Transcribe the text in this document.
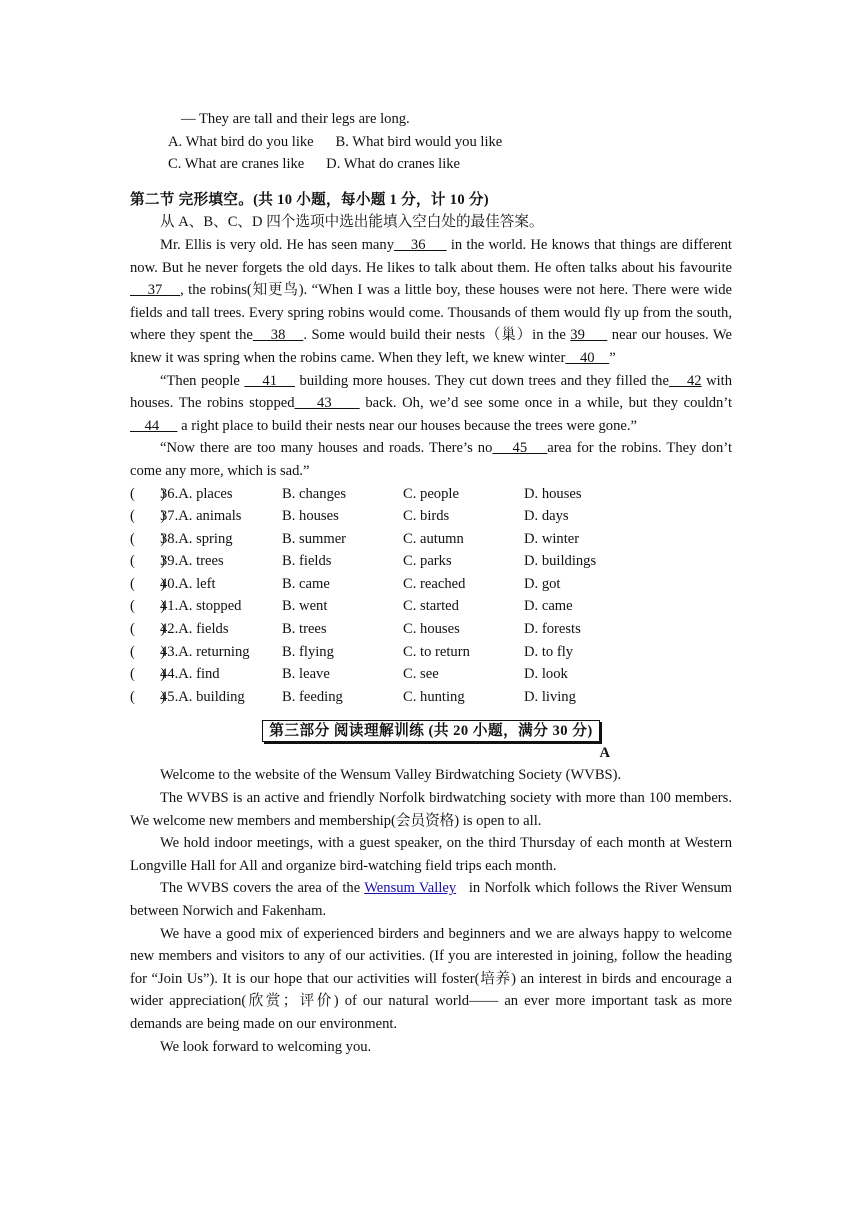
— They are tall and their legs are long.
A. What bird do you like      B. What bird would you like
C. What are cranes like      D. What do cranes like
第二节 完形填空。(共 10 小题，每小题 1 分，计 10 分)
从 A、B、C、D 四个选项中选出能填入空白处的最佳答案。

Mr. Ellis is very old. He has seen many    36      in the world. He knows that things are different now. But he never forgets the old days. He likes to talk about them. He often talks about his favourite    37    , the robins(知更鸟). “When I was a little boy, these houses were not here. There were wide fields and tall trees. Every spring robins would come. Thousands of them would fly up from the south, where they spent the    38    . Some would build their nests（巢）in the 39      near our houses. We knew it was spring when the robins came. When they left, we knew winter    40    ”

“Then people     41     building more houses. They cut down trees and they filled the    42 with houses. The robins stopped    43      back. Oh, we’d see some once in a while, but they couldn’t    44      a right place to build their nests near our houses because the trees were gone.”

“Now there are too many houses and roads. There’s no    45    area for the robins. They don’t come any more, which is sad.”

(       )
36.A. places	B. changes	C. people	D. houses
(       )
37.A. animals	B. houses	C. birds	D. days
(       )
38.A. spring	B. summer	C. autumn	D. winter
(       )
39.A. trees	B. fields	C. parks	D. buildings
(       )
40.A. left	B. came	C. reached	D. got
(       )
41.A. stopped	B. went	C. started	D. came
(       )
42.A. fields	B. trees	C. houses	D. forests
(       )
43.A. returning	B. flying	C. to return	D. to fly
(       )
44.A. find	B. leave	C. see	D. look
(       )
45.A. building	B. feeding	C. hunting	D. living
第三部分 阅读理解训练 (共 20 小题，满分 30 分)
A

Welcome to the website of the Wensum Valley Birdwatching Society (WVBS).

The WVBS is an active and friendly Norfolk birdwatching society with more than 100 members. We welcome new members and membership(会员资格) is open to all.

We hold indoor meetings, with a guest speaker, on the third Thursday of each month at Western Longville Hall for All and organize bird-watching field trips each month.

The WVBS covers the area of the Wensum Valley   in Norfolk which follows the River Wensum between Norwich and Fakenham.

We have a good mix of experienced birders and beginners and we are always happy to welcome new members and visitors to any of our activities. (If you are interested in joining, follow the heading for “Join Us”). It is our hope that our activities will foster(培养) an interest in birds and encourage a wider appreciation(欣赏；评价) of our natural world—— an ever more important task as more demands are being made on our environment.

We look forward to welcoming you.
